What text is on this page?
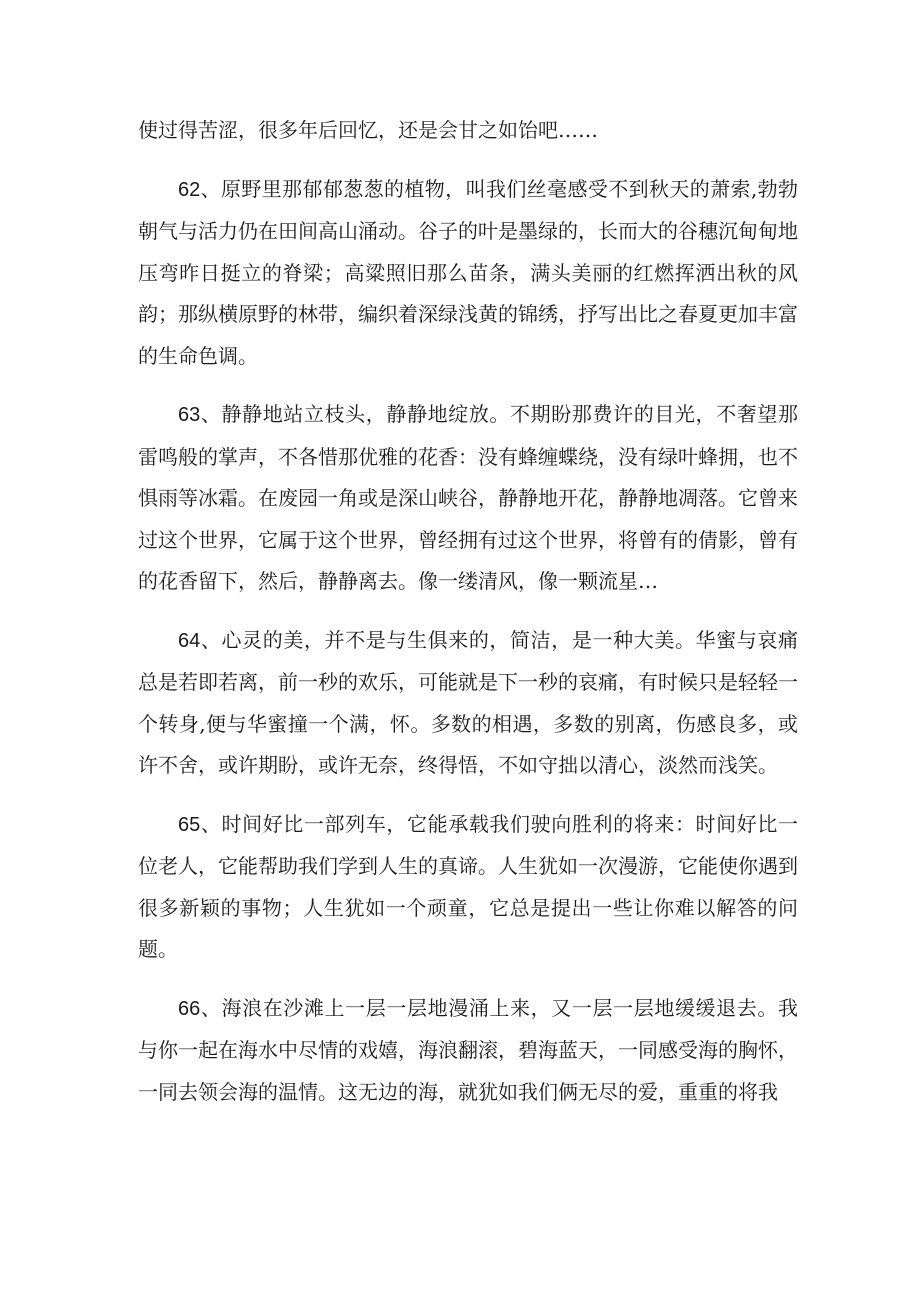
使过得苦涩，很多年后回忆，还是会甘之如饴吧……

62、原野里那郁郁葱葱的植物，叫我们丝毫感受不到秋天的萧索,勃勃朝气与活力仍在田间高山涌动。谷子的叶是墨绿的，长而大的谷穗沉甸甸地压弯昨日挺立的脊梁；高粱照旧那么苗条，满头美丽的红燃挥洒出秋的风韵；那纵横原野的林带，编织着深绿浅黄的锦绣，抒写出比之春夏更加丰富的生命色调。

63、静静地站立枝头，静静地绽放。不期盼那费许的目光，不奢望那雷鸣般的掌声，不各惜那优雅的花香：没有蜂缠蝶绕，没有绿叶蜂拥，也不惧雨等冰霜。在废园一角或是深山峡谷，静静地开花，静静地凋落。它曾来过这个世界，它属于这个世界，曾经拥有过这个世界，将曾有的倩影，曾有的花香留下，然后，静静离去。像一缕清风，像一颗流星…

64、心灵的美，并不是与生俱来的，简洁，是一种大美。华蜜与哀痛总是若即若离，前一秒的欢乐，可能就是下一秒的哀痛，有时候只是轻轻一个转身,便与华蜜撞一个满，怀。多数的相遇，多数的别离，伤感良多，或许不舍，或许期盼，或许无奈，终得悟，不如守拙以清心，淡然而浅笑。

65、时间好比一部列车，它能承载我们驶向胜利的将来：时间好比一位老人，它能帮助我们学到人生的真谛。人生犹如一次漫游，它能使你遇到很多新颖的事物；人生犹如一个顽童，它总是提出一些让你难以解答的问题。

66、海浪在沙滩上一层一层地漫涌上来，又一层一层地缓缓退去。我与你一起在海水中尽情的戏嬉，海浪翻滚，碧海蓝天，一同感受海的胸怀，一同去领会海的温情。这无边的海，就犹如我们俩无尽的爱，重重的将我
